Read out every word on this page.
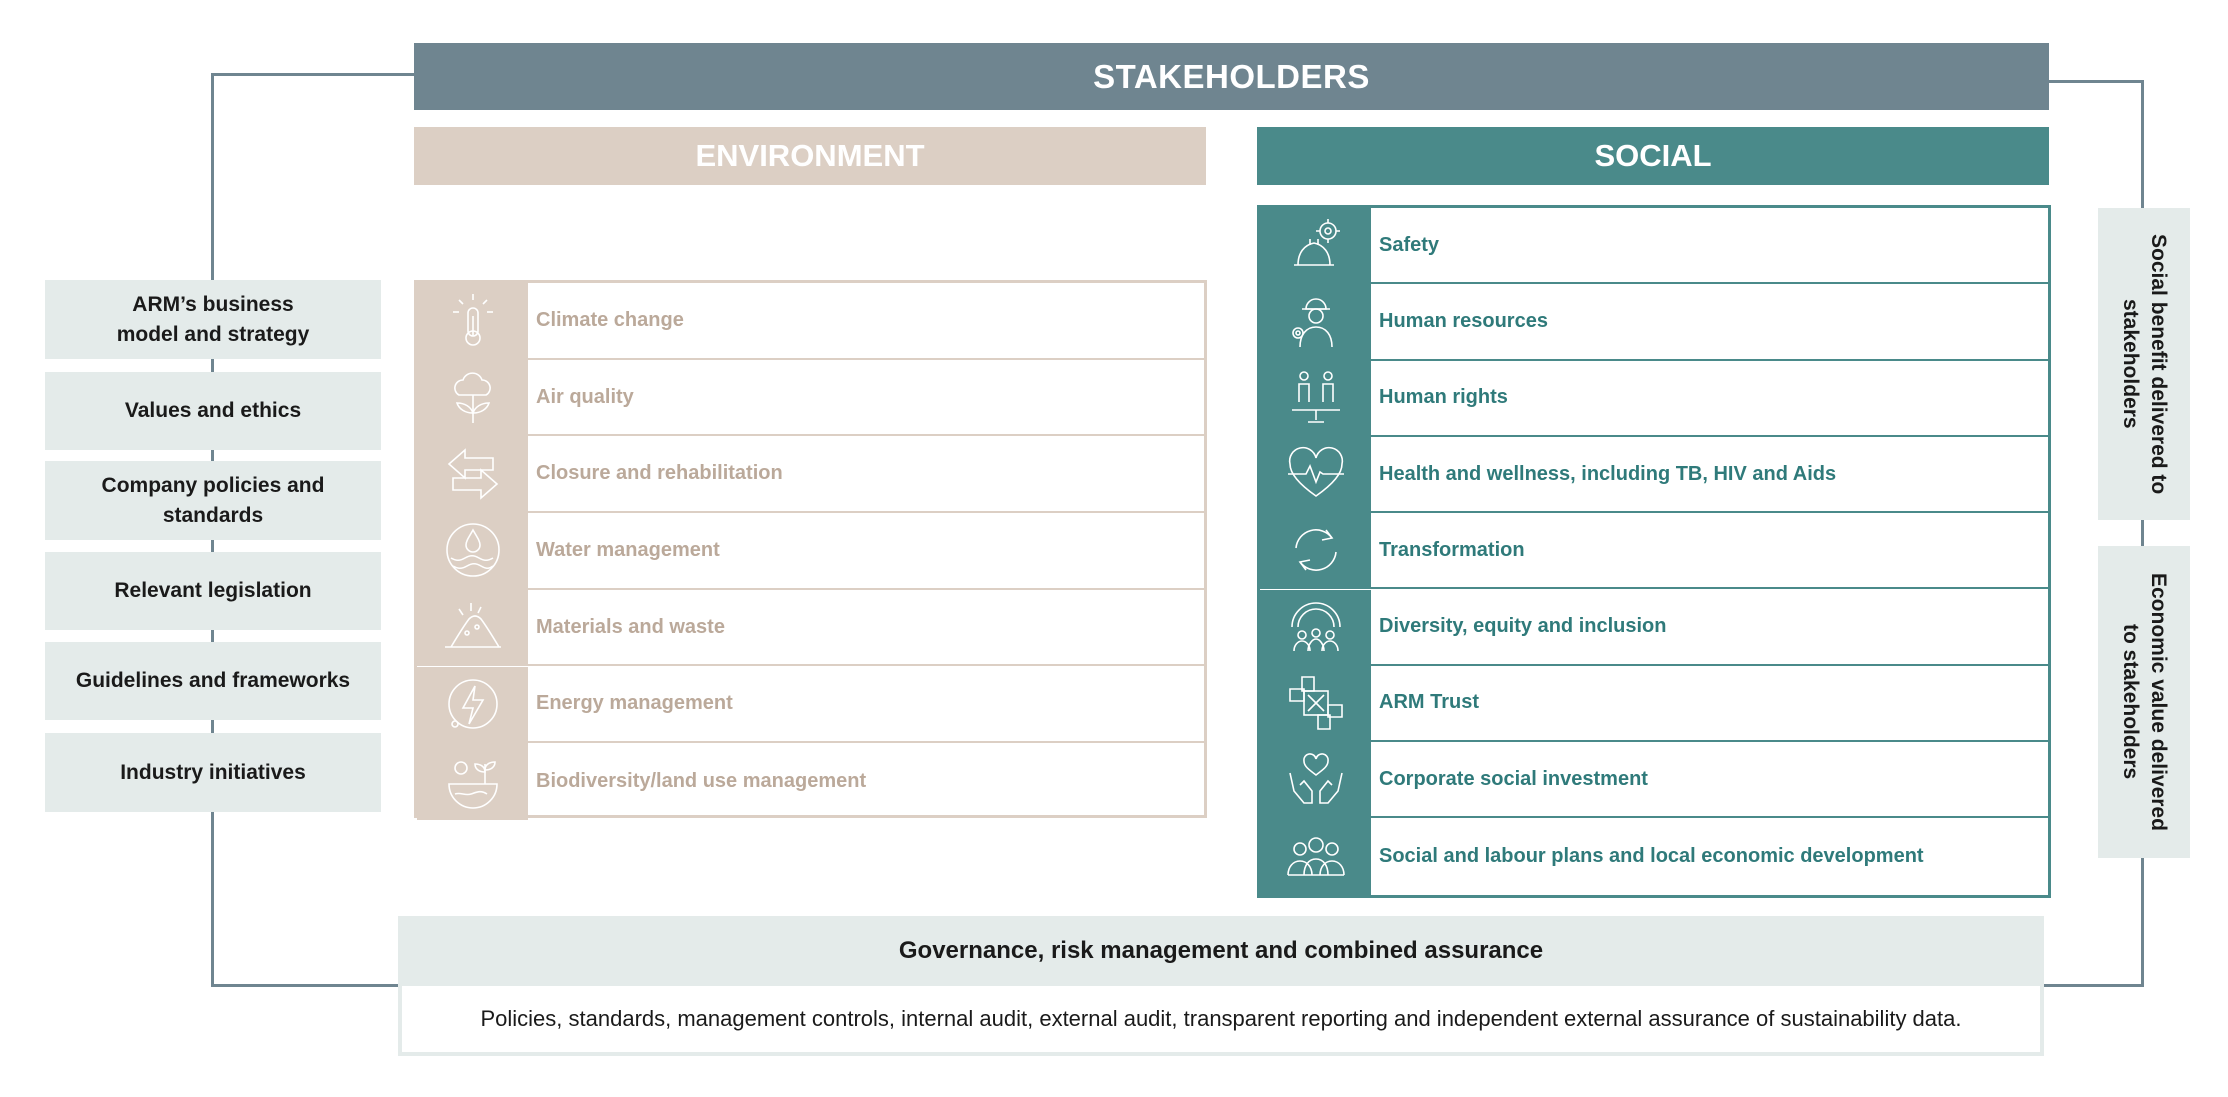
STAKEHOLDERS
ENVIRONMENT	SOCIAL
ARM’s business model and strategy
Values and ethics
Company policies and standards
Relevant legislation
Guidelines and frameworks
Industry initiatives
Climate change
Air quality
Closure and rehabilitation
Water management
Materials and waste
Energy management
Biodiversity/land use management
Safety
Human resources
Human rights
Health and wellness, including TB, HIV and Aids
Transformation
Diversity, equity and inclusion
ARM Trust
Corporate social investment
Social and labour plans and local economic development
Social benefit delivered to stakeholders
Economic value delivered to stakeholders
Governance, risk management and combined assurance
Policies, standards, management controls, internal audit, external audit, transparent reporting and independent external assurance of sustainability data.
